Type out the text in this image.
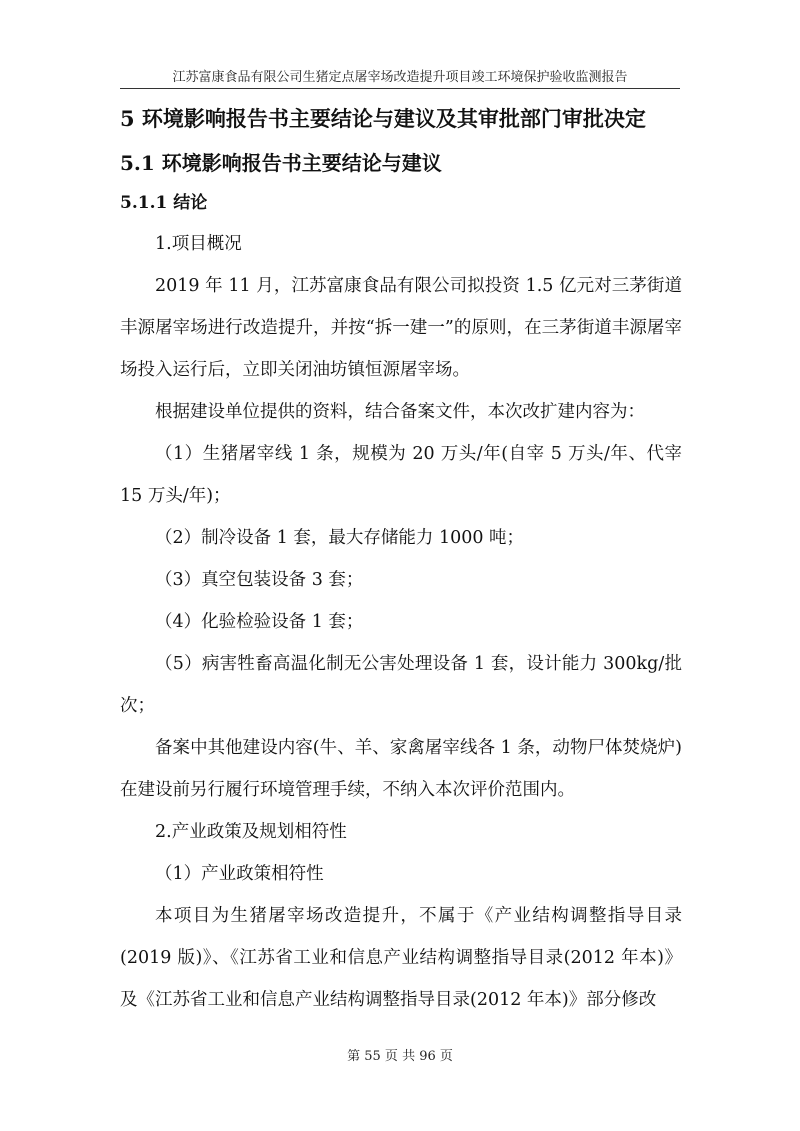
江苏富康食品有限公司生猪定点屠宰场改造提升项目竣工环境保护验收监测报告
5 环境影响报告书主要结论与建议及其审批部门审批决定
5.1 环境影响报告书主要结论与建议
5.1.1 结论

1.项目概况

2019 年 11 月，江苏富康食品有限公司拟投资 1.5 亿元对三茅街道丰源屠宰场进行改造提升，并按“拆一建一”的原则，在三茅街道丰源屠宰场投入运行后，立即关闭油坊镇恒源屠宰场。

根据建设单位提供的资料，结合备案文件，本次改扩建内容为：

（1）生猪屠宰线 1 条，规模为 20 万头/年(自宰 5 万头/年、代宰 15 万头/年)；

（2）制冷设备 1 套，最大存储能力 1000 吨；

（3）真空包装设备 3 套；

（4）化验检验设备 1 套；

（5）病害牲畜高温化制无公害处理设备 1 套，设计能力 300kg/批次；

备案中其他建设内容(牛、羊、家禽屠宰线各 1 条，动物尸体焚烧炉)在建设前另行履行环境管理手续，不纳入本次评价范围内。

2.产业政策及规划相符性

（1）产业政策相符性

本项目为生猪屠宰场改造提升，不属于《产业结构调整指导目录(2019 版)》、《江苏省工业和信息产业结构调整指导目录(2012 年本)》及《江苏省工业和信息产业结构调整指导目录(2012 年本)》部分修改

第 55 页 共 96 页
